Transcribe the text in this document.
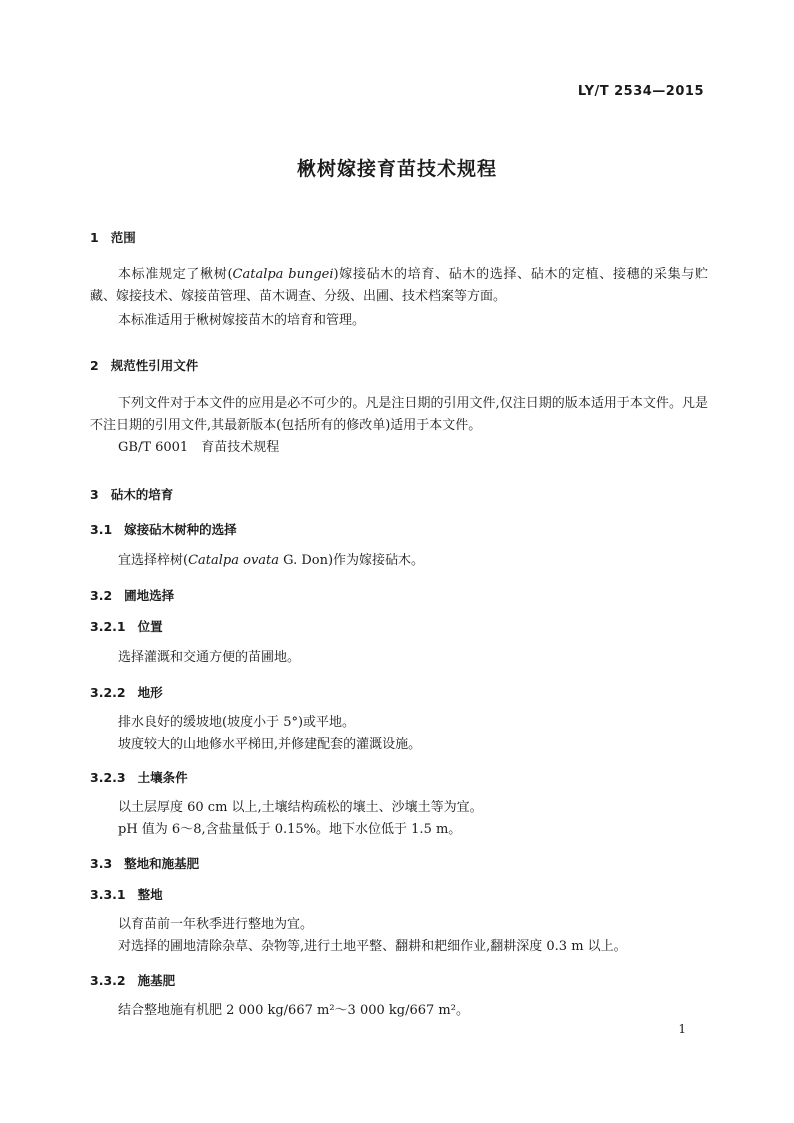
LY/T 2534—2015
楸树嫁接育苗技术规程
1 范围
本标准规定了楸树(Catalpa bungei)嫁接砧木的培育、砧木的选择、砧木的定植、接穗的采集与贮藏、嫁接技术、嫁接苗管理、苗木调查、分级、出圃、技术档案等方面。
本标准适用于楸树嫁接苗木的培育和管理。
2 规范性引用文件
下列文件对于本文件的应用是必不可少的。凡是注日期的引用文件,仅注日期的版本适用于本文件。凡是不注日期的引用文件,其最新版本(包括所有的修改单)适用于本文件。
GB/T 6001　育苗技术规程
3 砧木的培育
3.1 嫁接砧木树种的选择
宜选择梓树(Catalpa ovata G. Don)作为嫁接砧木。
3.2 圃地选择
3.2.1 位置
选择灌溉和交通方便的苗圃地。
3.2.2 地形
排水良好的缓坡地(坡度小于 5°)或平地。
坡度较大的山地修水平梯田,并修建配套的灌溉设施。
3.2.3 土壤条件
以土层厚度 60 cm 以上,土壤结构疏松的壤土、沙壤土等为宜。
pH 值为 6～8,含盐量低于 0.15%。地下水位低于 1.5 m。
3.3 整地和施基肥
3.3.1 整地
以育苗前一年秋季进行整地为宜。
对选择的圃地清除杂草、杂物等,进行土地平整、翻耕和耙细作业,翻耕深度 0.3 m 以上。
3.3.2 施基肥
结合整地施有机肥 2 000 kg/667 m²～3 000 kg/667 m²。
1
